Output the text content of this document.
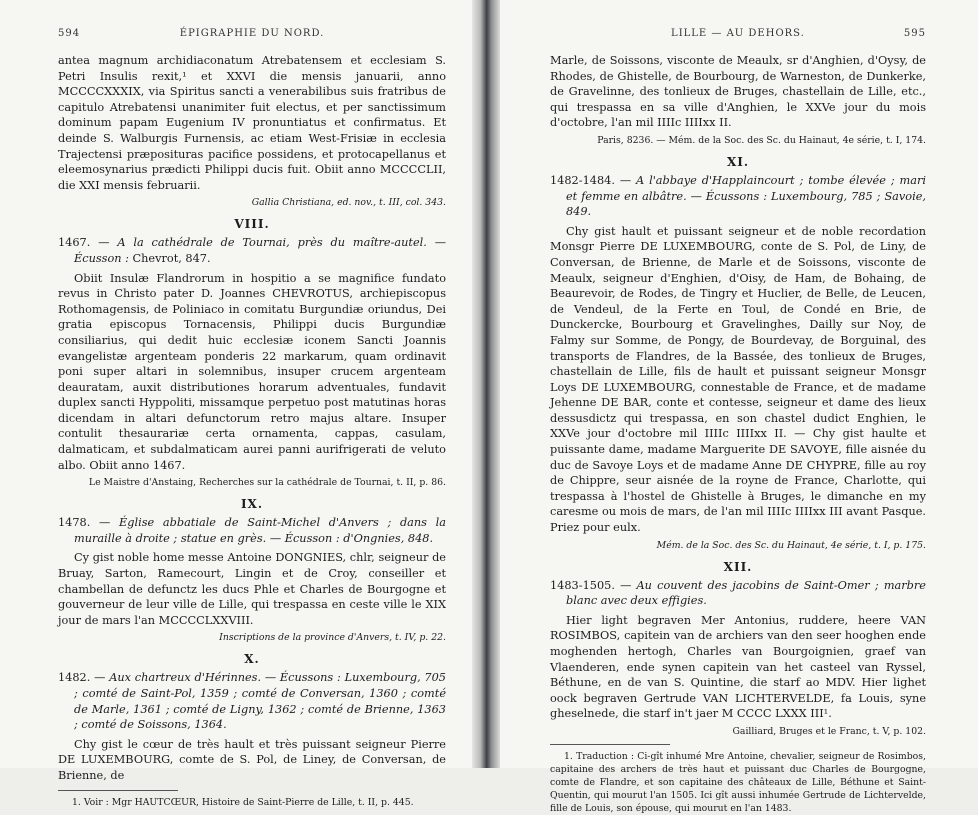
594	ÉPIGRAPHIE DU NORD.

antea magnum archidiaconatum Atrebatensem et ecclesiam S. Petri Insulis rexit,¹ et XXVI die mensis januarii, anno MCCCCXXXIX, via Spiritus sancti a venerabilibus suis fratribus de capitulo Atrebatensi unanimiter fuit electus, et per sanctissimum dominum papam Eugenium IV pronuntiatus et confirmatus. Et deinde S. Walburgis Furnensis, ac etiam West-Frisiæ in ecclesia Trajectensi præposituras pacifice possidens, et protocapellanus et eleemosynarius prædicti Philippi ducis fuit. Obiit anno MCCCCLII, die XXI mensis februarii.

Gallia Christiana, ed. nov., t. III, col. 343.

VIII.

1467. — A la cathédrale de Tournai, près du maître-autel. — Écusson : Chevrot, 847.

Obiit Insulæ Flandrorum in hospitio a se magnifice fundato revus in Christo pater D. Joannes CHEVROTUS, archiepiscopus Rothomagensis, de Poliniaco in comitatu Burgundiæ oriundus, Dei gratia episcopus Tornacensis, Philippi ducis Burgundiæ consiliarius, qui dedit huic ecclesiæ iconem Sancti Joannis evangelistæ argenteam ponderis 22 markarum, quam ordinavit poni super altari in solemnibus, insuper crucem argenteam deauratam, auxit distributiones horarum adventuales, fundavit duplex sancti Hyppoliti, missamque perpetuo post matutinas horas dicendam in altari defunctorum retro majus altare. Insuper contulit thesaurariæ certa ornamenta, cappas, casulam, dalmaticam, et subdalmaticam aurei panni aurifrigerati de veluto albo. Obiit anno 1467.

Le Maistre d'Anstaing, Recherches sur la cathédrale de Tournai, t. II, p. 86.

IX.

1478. — Église abbatiale de Saint-Michel d'Anvers ; dans la muraille à droite ; statue en grès. — Écusson : d'Ongnies, 848.

Cy gist noble home messe Antoine DONGNIES, chlr, seigneur de Bruay, Sarton, Ramecourt, Lingin et de Croy, conseiller et chambellan de defunctz les ducs Phle et Charles de Bourgogne et gouverneur de leur ville de Lille, qui trespassa en ceste ville le XIX jour de mars l'an MCCCCLXXVIII.

Inscriptions de la province d'Anvers, t. IV, p. 22.

X.

1482. — Aux chartreux d'Hérinnes. — Écussons : Luxembourg, 705 ; comté de Saint-Pol, 1359 ; comté de Conversan, 1360 ; comté de Marle, 1361 ; comté de Ligny, 1362 ; comté de Brienne, 1363 ; comté de Soissons, 1364.

Chy gist le cœur de très hault et très puissant seigneur Pierre DE LUXEMBOURG, comte de S. Pol, de Liney, de Conversan, de Brienne, de

1. Voir : Mgr HAUTCŒUR, Histoire de Saint-Pierre de Lille, t. II, p. 445.

LILLE — AU DEHORS.	595

Marle, de Soissons, visconte de Meaulx, sr d'Anghien, d'Oysy, de Rhodes, de Ghistelle, de Bourbourg, de Warneston, de Dunkerke, de Gravelinne, des tonlieux de Bruges, chastellain de Lille, etc., qui trespassa en sa ville d'Anghien, le XXVe jour du mois d'octobre, l'an mil IIIIc IIIIxx II.

Paris, 8236. — Mém. de la Soc. des Sc. du Hainaut, 4e série, t. I, 174.

XI.

1482-1484. — A l'abbaye d'Happlaincourt ; tombe élevée ; mari et femme en albâtre. — Écussons : Luxembourg, 785 ; Savoie, 849.

Chy gist hault et puissant seigneur et de noble recordation Monsgr Pierre DE LUXEMBOURG, conte de S. Pol, de Liny, de Conversan, de Brienne, de Marle et de Soissons, visconte de Meaulx, seigneur d'Enghien, d'Oisy, de Ham, de Bohaing, de Beaurevoir, de Rodes, de Tingry et Huclier, de Belle, de Leucen, de Vendeul, de la Ferte en Toul, de Condé en Brie, de Dunckercke, Bourbourg et Gravelinghes, Dailly sur Noy, de Falmy sur Somme, de Pongy, de Bourdevay, de Borguinal, des transports de Flandres, de la Bassée, des tonlieux de Bruges, chastellain de Lille, fils de hault et puissant seigneur Monsgr Loys DE LUXEMBOURG, connestable de France, et de madame Jehenne DE BAR, conte et contesse, seigneur et dame des lieux dessusdictz qui trespassa, en son chastel dudict Enghien, le XXVe jour d'octobre mil IIIIc IIIIxx II. — Chy gist haulte et puissante dame, madame Marguerite DE SAVOYE, fille aisnée du duc de Savoye Loys et de madame Anne DE CHYPRE, fille au roy de Chippre, seur aisnée de la royne de France, Charlotte, qui trespassa à l'hostel de Ghistelle à Bruges, le dimanche en my caresme ou mois de mars, de l'an mil IIIIc IIIIxx III avant Pasque. Priez pour eulx.

Mém. de la Soc. des Sc. du Hainaut, 4e série, t. I, p. 175.

XII.

1483-1505. — Au couvent des jacobins de Saint-Omer ; marbre blanc avec deux effigies.

Hier light begraven Mer Antonius, ruddere, heere VAN ROSIMBOS, capitein van de archiers van den seer hooghen ende moghenden hertogh, Charles van Bourgoignien, graef van Vlaenderen, ende synen capitein van het casteel van Ryssel, Béthune, en de van S. Quintine, die starf ao MDV. Hier lighet oock begraven Gertrude VAN LICHTERVELDE, fa Louis, syne gheselnede, die starf in't jaer M CCCC LXXX III¹.

Gailliard, Bruges et le Franc, t. V, p. 102.

1. Traduction : Ci-gît inhumé Mre Antoine, chevalier, seigneur de Rosimbos, capitaine des archers de très haut et puissant duc Charles de Bourgogne, comte de Flandre, et son capitaine des châteaux de Lille, Béthune et Saint-Quentin, qui mourut l'an 1505. Ici gît aussi inhumée Gertrude de Lichtervelde, fille de Louis, son épouse, qui mourut en l'an 1483.
